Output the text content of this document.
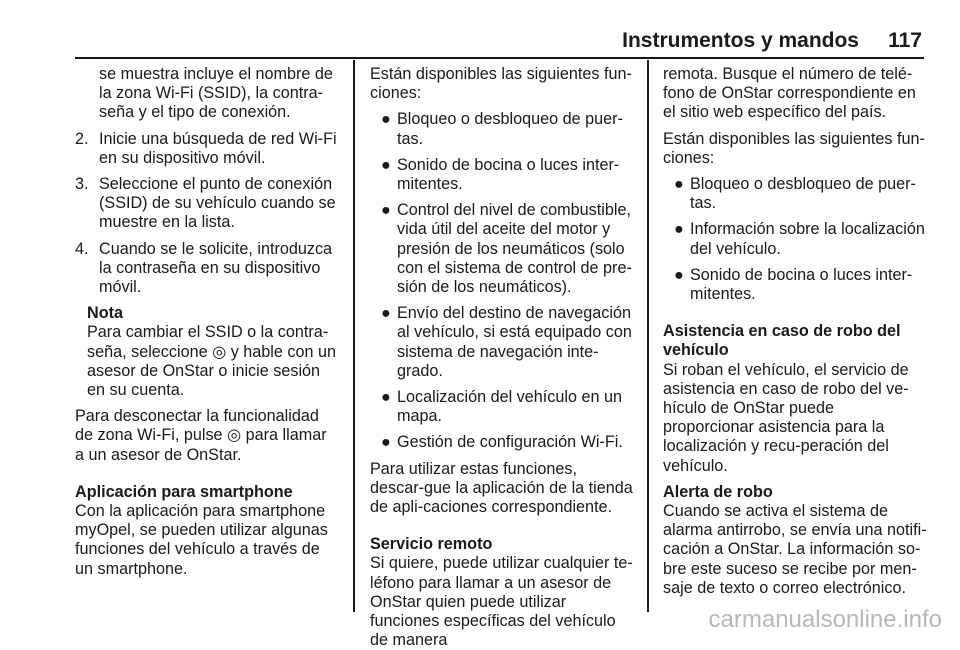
Instrumentos y mandos 117

se muestra incluye el nombre de la zona Wi-Fi (SSID), la contra-seña y el tipo de conexión.

2. Inicie una búsqueda de red Wi-Fi en su dispositivo móvil.
3. Seleccione el punto de conexión (SSID) de su vehículo cuando se muestre en la lista.
4. Cuando se le solicite, introduzca la contraseña en su dispositivo móvil.

Nota

Para cambiar el SSID o la contra-seña, seleccione ◎ y hable con un asesor de OnStar o inicie sesión en su cuenta.

Para desconectar la funcionalidad de zona Wi-Fi, pulse ◎ para llamar a un asesor de OnStar.

Aplicación para smartphone

Con la aplicación para smartphone myOpel, se pueden utilizar algunas funciones del vehículo a través de un smartphone.

Están disponibles las siguientes fun-ciones:

● Bloqueo o desbloqueo de puer-tas.
● Sonido de bocina o luces inter-mitentes.
● Control del nivel de combustible, vida útil del aceite del motor y presión de los neumáticos (solo con el sistema de control de pre-sión de los neumáticos).
● Envío del destino de navegación al vehículo, si está equipado con sistema de navegación inte-grado.
● Localización del vehículo en un mapa.
● Gestión de configuración Wi-Fi.

Para utilizar estas funciones, descar-gue la aplicación de la tienda de apli-caciones correspondiente.

Servicio remoto

Si quiere, puede utilizar cualquier te-léfono para llamar a un asesor de OnStar quien puede utilizar funciones específicas del vehículo de manera

remota. Busque el número de telé-fono de OnStar correspondiente en el sitio web específico del país.

Están disponibles las siguientes fun-ciones:

● Bloqueo o desbloqueo de puer-tas.
● Información sobre la localización del vehículo.
● Sonido de bocina o luces inter-mitentes.

Asistencia en caso de robo del vehículo

Si roban el vehículo, el servicio de asistencia en caso de robo del ve-hículo de OnStar puede proporcionar asistencia para la localización y recu-peración del vehículo.

Alerta de robo

Cuando se activa el sistema de alarma antirrobo, se envía una notifi-cación a OnStar. La información so-bre este suceso se recibe por men-saje de texto o correo electrónico.

carmanualsonline.info
